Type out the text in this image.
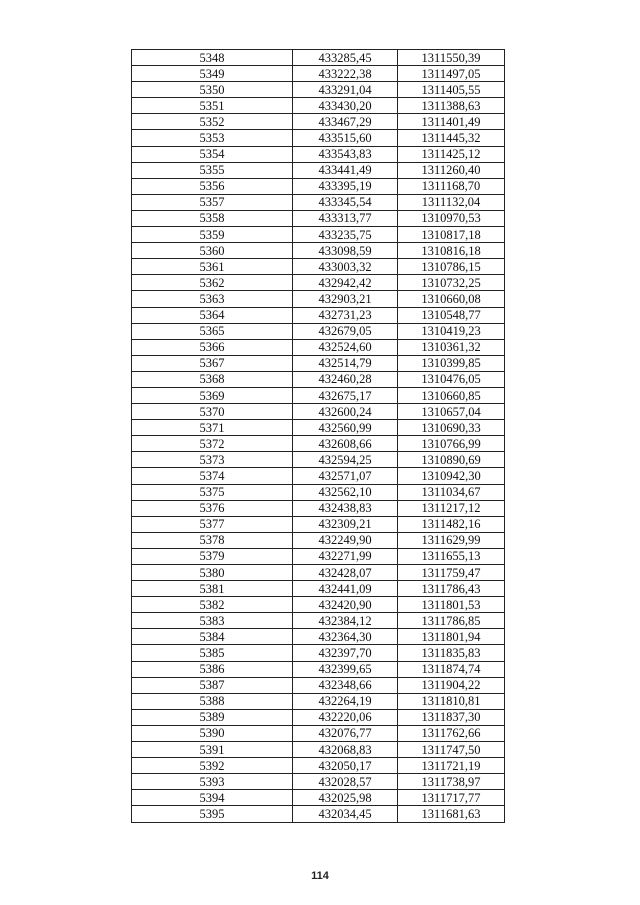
5348	433285,45	1311550,39
5349	433222,38	1311497,05
5350	433291,04	1311405,55
5351	433430,20	1311388,63
5352	433467,29	1311401,49
5353	433515,60	1311445,32
5354	433543,83	1311425,12
5355	433441,49	1311260,40
5356	433395,19	1311168,70
5357	433345,54	1311132,04
5358	433313,77	1310970,53
5359	433235,75	1310817,18
5360	433098,59	1310816,18
5361	433003,32	1310786,15
5362	432942,42	1310732,25
5363	432903,21	1310660,08
5364	432731,23	1310548,77
5365	432679,05	1310419,23
5366	432524,60	1310361,32
5367	432514,79	1310399,85
5368	432460,28	1310476,05
5369	432675,17	1310660,85
5370	432600,24	1310657,04
5371	432560,99	1310690,33
5372	432608,66	1310766,99
5373	432594,25	1310890,69
5374	432571,07	1310942,30
5375	432562,10	1311034,67
5376	432438,83	1311217,12
5377	432309,21	1311482,16
5378	432249,90	1311629,99
5379	432271,99	1311655,13
5380	432428,07	1311759,47
5381	432441,09	1311786,43
5382	432420,90	1311801,53
5383	432384,12	1311786,85
5384	432364,30	1311801,94
5385	432397,70	1311835,83
5386	432399,65	1311874,74
5387	432348,66	1311904,22
5388	432264,19	1311810,81
5389	432220,06	1311837,30
5390	432076,77	1311762,66
5391	432068,83	1311747,50
5392	432050,17	1311721,19
5393	432028,57	1311738,97
5394	432025,98	1311717,77
5395	432034,45	1311681,63
114
